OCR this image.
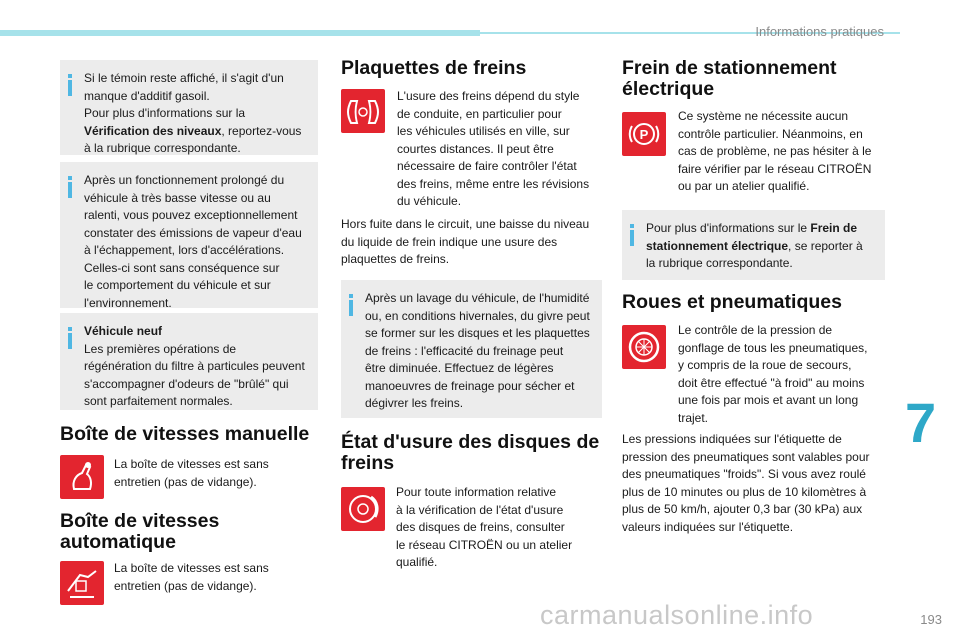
Informations pratiques
Si le témoin reste affiché, il s'agit d'un
manque d'additif gasoil.
Pour plus d'informations sur la
Vérification des niveaux, reportez-vous
à la rubrique correspondante.
Après un fonctionnement prolongé du
véhicule à très basse vitesse ou au
ralenti, vous pouvez exceptionnellement
constater des émissions de vapeur d'eau
à l'échappement, lors d'accélérations.
Celles-ci sont sans conséquence sur
le comportement du véhicule et sur
l'environnement.
Véhicule neuf
Les premières opérations de
régénération du filtre à particules peuvent
s'accompagner d'odeurs de "brûlé" qui
sont parfaitement normales.
Boîte de vitesses manuelle
La boîte de vitesses est sans
entretien (pas de vidange).
Boîte de vitesses
automatique
La boîte de vitesses est sans
entretien (pas de vidange).
Plaquettes de freins
L'usure des freins dépend du style
de conduite, en particulier pour
les véhicules utilisés en ville, sur
courtes distances. Il peut être
nécessaire de faire contrôler l'état
des freins, même entre les révisions
du véhicule.
Hors fuite dans le circuit, une baisse du niveau
du liquide de frein indique une usure des
plaquettes de freins.
Après un lavage du véhicule, de l'humidité
ou, en conditions hivernales, du givre peut
se former sur les disques et les plaquettes
de freins : l'efficacité du freinage peut
être diminuée. Effectuez de légères
manoeuvres de freinage pour sécher et
dégivrer les freins.
État d'usure des disques de
freins
Pour toute information relative
à la vérification de l'état d'usure
des disques de freins, consulter
le réseau CITROËN ou un atelier
qualifié.
Frein de stationnement
électrique
P
Ce système ne nécessite aucun
contrôle particulier. Néanmoins, en
cas de problème, ne pas hésiter à le
faire vérifier par le réseau CITROËN
ou par un atelier qualifié.
Pour plus d'informations sur le Frein de
stationnement électrique, se reporter à
la rubrique correspondante.
Roues et pneumatiques
Le contrôle de la pression de
gonflage de tous les pneumatiques,
y compris de la roue de secours,
doit être effectué "à froid" au moins
une fois par mois et avant un long
trajet.
Les pressions indiquées sur l'étiquette de
pression des pneumatiques sont valables pour
des pneumatiques "froids". Si vous avez roulé
plus de 10 minutes ou plus de 10 kilomètres à
plus de 50 km/h, ajouter 0,3 bar (30 kPa) aux
valeurs indiquées sur l'étiquette.
7
carmanualsonline.info	193
